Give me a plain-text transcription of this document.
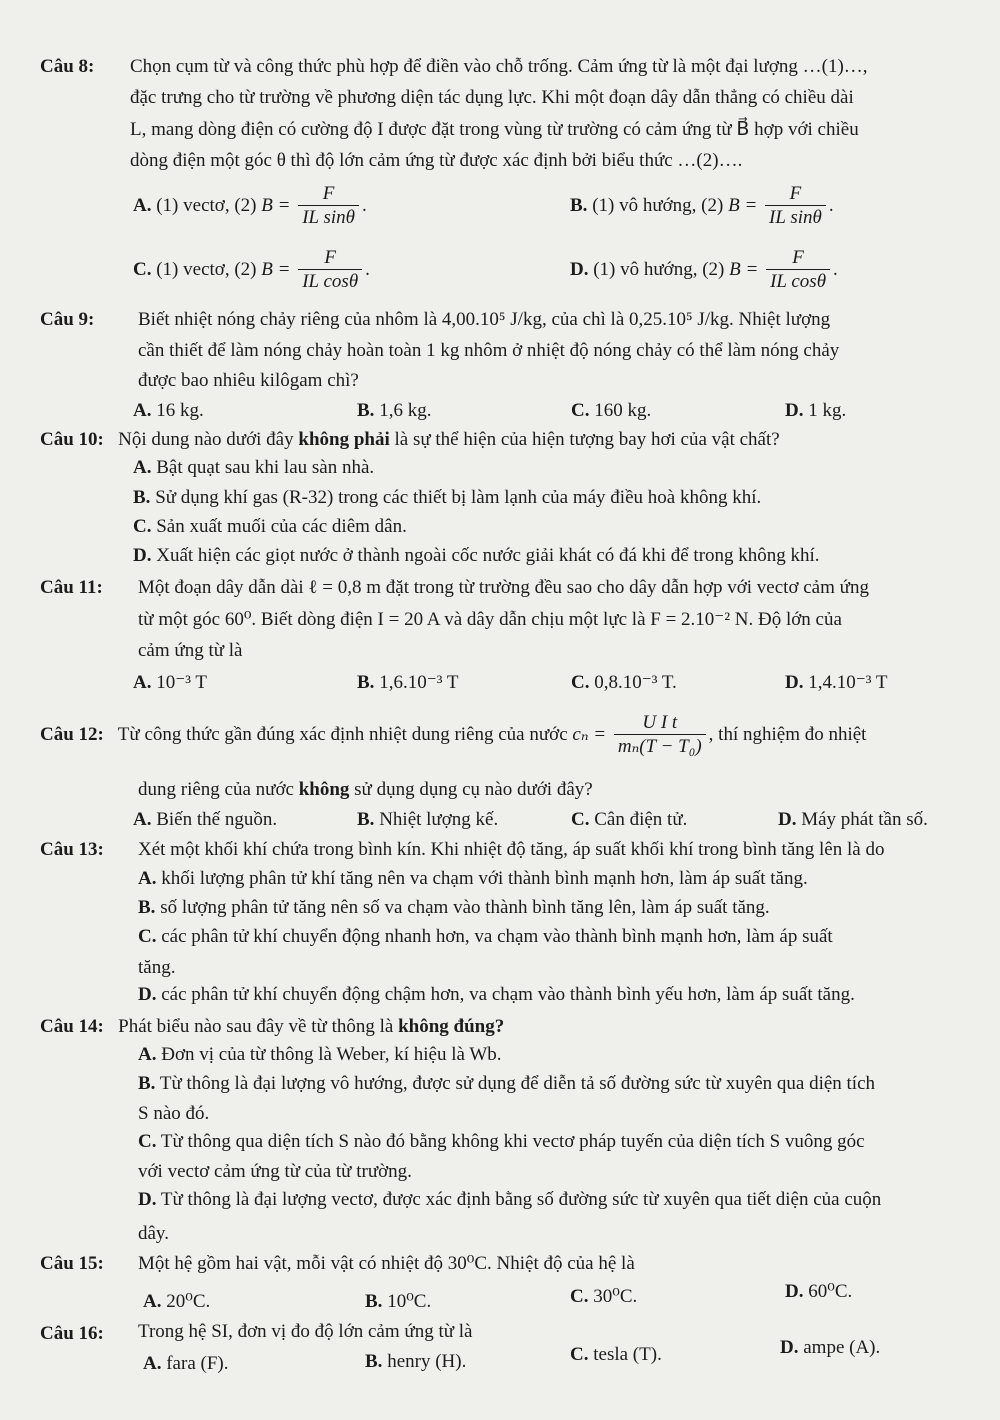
Câu 8: Chọn cụm từ và công thức phù hợp để điền vào chỗ trống. Cảm ứng từ là một đại lượng …(1)…,
đặc trưng cho từ trường về phương diện tác dụng lực. Khi một đoạn dây dẫn thẳng có chiều dài
L, mang dòng điện có cường độ I được đặt trong vùng từ trường có cảm ứng từ B⃗ hợp với chiều
dòng điện một góc θ thì độ lớn cảm ứng từ được xác định bởi biểu thức …(2)….
A. (1) vectơ, (2) $B = \frac{F}{\text{IL sinθ}}$ .	B. (1) vô hướng, (2) $B = \frac{F}{\text{IL sinθ}}$ .
C. (1) vectơ, (2) $B = \frac{F}{\text{IL cosθ}}$ .	D. (1) vô hướng, (2) $B = \frac{F}{\text{IL cosθ}}$ .
Câu 9: Biết nhiệt nóng chảy riêng của nhôm là 4,00.10⁵ J/kg, của chì là 0,25.10⁵ J/kg. Nhiệt lượng
cần thiết để làm nóng chảy hoàn toàn 1 kg nhôm ở nhiệt độ nóng chảy có thể làm nóng chảy
được bao nhiêu kilôgam chì?
A. 16 kg.	B. 1,6 kg.	C. 160 kg.	D. 1 kg.
Câu 10: Nội dung nào dưới đây không phải là sự thể hiện của hiện tượng bay hơi của vật chất?
A. Bật quạt sau khi lau sàn nhà.
B. Sử dụng khí gas (R-32) trong các thiết bị làm lạnh của máy điều hoà không khí.
C. Sản xuất muối của các diêm dân.
D. Xuất hiện các giọt nước ở thành ngoài cốc nước giải khát có đá khi để trong không khí.
Câu 11: Một đoạn dây dẫn dài ℓ = 0,8 m đặt trong từ trường đều sao cho dây dẫn hợp với vectơ cảm ứng
từ một góc 60⁰. Biết dòng điện I = 20 A và dây dẫn chịu một lực là F = 2.10⁻² N. Độ lớn của
cảm ứng từ là
A. 10⁻³ T	B. 1,6.10⁻³ T	C. 0,8.10⁻³ T.	D. 1,4.10⁻³ T
Câu 12: Từ công thức gần đúng xác định nhiệt dung riêng của nước $c_n = \frac{\text{U I t}}{\text{mₙ(T − T₀)}}$ , thí nghiệm đo nhiệt
dung riêng của nước không sử dụng dụng cụ nào dưới đây?
A. Biến thế nguồn.	B. Nhiệt lượng kế.	C. Cân điện tử.	D. Máy phát tần số.
Câu 13: Xét một khối khí chứa trong bình kín. Khi nhiệt độ tăng, áp suất khối khí trong bình tăng lên là do
A. khối lượng phân tử khí tăng nên va chạm với thành bình mạnh hơn, làm áp suất tăng.
B. số lượng phân tử tăng nên số va chạm vào thành bình tăng lên, làm áp suất tăng.
C. các phân tử khí chuyển động nhanh hơn, va chạm vào thành bình mạnh hơn, làm áp suất
tăng.
D. các phân tử khí chuyển động chậm hơn, va chạm vào thành bình yếu hơn, làm áp suất tăng.
Câu 14: Phát biểu nào sau đây về từ thông là không đúng?
A. Đơn vị của từ thông là Weber, kí hiệu là Wb.
B. Từ thông là đại lượng vô hướng, được sử dụng để diễn tả số đường sức từ xuyên qua diện tích
S nào đó.
C. Từ thông qua diện tích S nào đó bằng không khi vectơ pháp tuyến của diện tích S vuông góc
với vectơ cảm ứng từ của từ trường.
D. Từ thông là đại lượng vectơ, được xác định bằng số đường sức từ xuyên qua tiết diện của cuộn
dây.
Câu 15: Một hệ gồm hai vật, mỗi vật có nhiệt độ 30⁰C. Nhiệt độ của hệ là
A. 20⁰C.	B. 10⁰C.	C. 30⁰C.	D. 60⁰C.
Câu 16: Trong hệ SI, đơn vị đo độ lớn cảm ứng từ là
A. fara (F).	B. henry (H).	C. tesla (T).	D. ampe (A).
